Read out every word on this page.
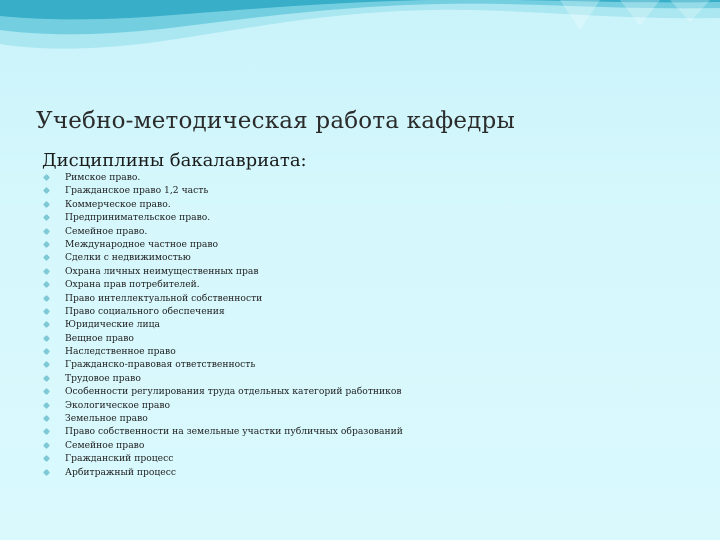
Учебно-методическая работа кафедры
Дисциплины бакалавриата:
Римское право.
Гражданское право 1,2 часть
Коммерческое право.
Предпринимательское право.
Семейное право.
Международное частное право
Сделки с недвижимостью
Охрана личных неимущественных прав
Охрана прав потребителей.
Право интеллектуальной собственности
Право социального обеспечения
Юридические лица
Вещное право
Наследственное право
Гражданско-правовая ответственность
Трудовое право
Особенности регулирования труда отдельных категорий работников
Экологическое право
Земельное право
Право собственности на земельные участки публичных образований
Семейное право
Гражданский процесс
Арбитражный процесс
